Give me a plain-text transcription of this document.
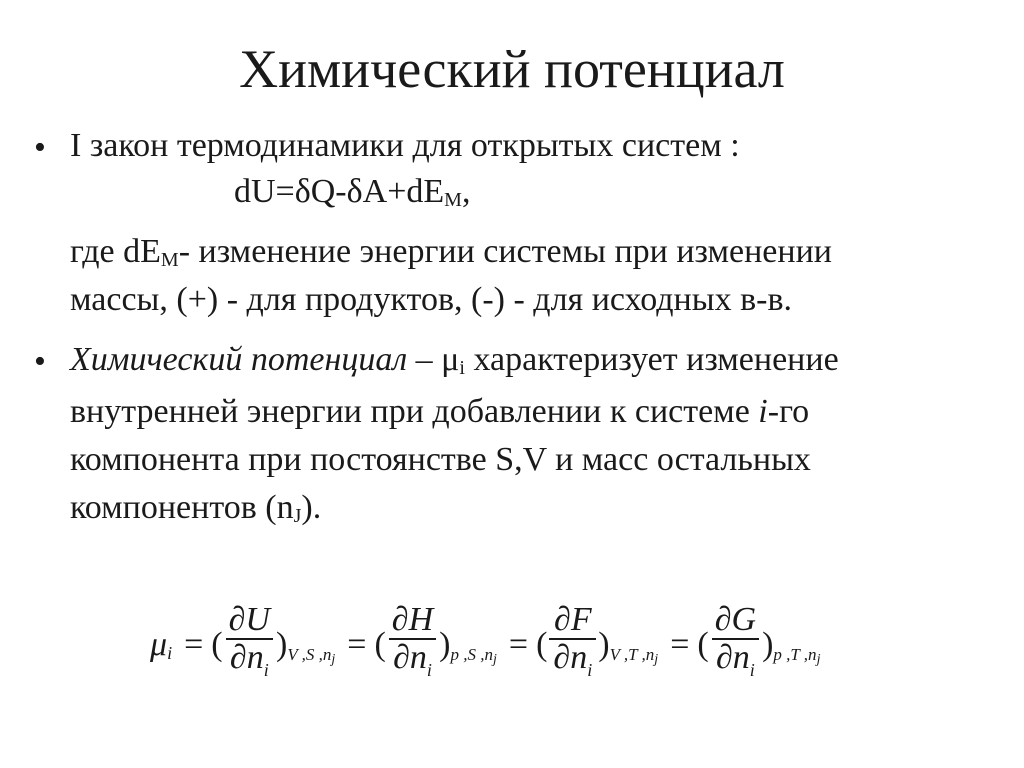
Химический потенциал
• I закон термодинамики для открытых систем :
$dU=\delta Q-\delta A+dE_M$,
где $dE_M-$ изменение энергии системы при изменении
массы, (+) - для продуктов, (-) - для исходных в-в.
• Химический потенциал – $\mu_i$ характеризует изменение
внутренней энергии при добавлении к системе i-го
компонента при постоянстве S,V и масс остальных
компонентов $(n_J)$.
μ i = ( $\frac{\partial U}{\partial n_i}$ ) V ,S ,nj = ( $\frac{\partial H}{\partial n_i}$ ) p ,S ,nj = ( $\frac{\partial F}{\partial n_i}$ ) V ,T ,nj = ( $\frac{\partial G}{\partial n_i}$ ) p ,T ,nj
